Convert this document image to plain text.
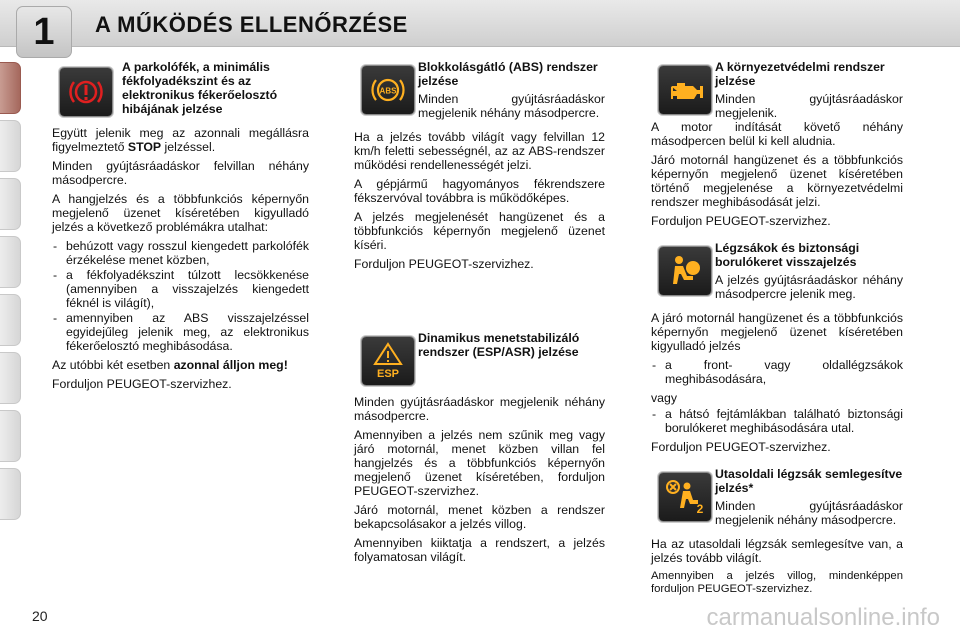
1	A MŰKÖDÉS ELLENŐRZÉSE
A parkolófék, a minimális fékfolyadékszint és az elektronikus fékerőelosztó hibájának jelzése

Együtt jelenik meg az azonnali megállásra figyelmeztető STOP jelzéssel.

Minden gyújtásráadáskor felvillan néhány másodpercre.

A hangjelzés és a többfunkciós képernyőn megjelenő üzenet kíséretében kigyulladó jelzés a következő problémákra utalhat:

- behúzott vagy rosszul kiengedett parkolófék érzékelése menet közben,
- a fékfolyadékszint túlzott lecsökkenése (amennyiben a visszajelzés kiengedett féknél is világít),
- amennyiben az ABS visszajelzéssel egyidejűleg jelenik meg, az elektronikus fékerőelosztó meghibásodása.

Az utóbbi két esetben azonnal álljon meg!

Forduljon PEUGEOT-szervizhez.

ABS
Blokkolásgátló (ABS) rendszer jelzése
Minden gyújtásráadáskor megjelenik néhány másodpercre.

Ha a jelzés tovább világít vagy felvillan 12 km/h feletti sebességnél, az az ABS-rendszer működési rendellenességét jelzi.

A gépjármű hagyományos fékrendszere fékszervóval továbbra is működőképes.

A jelzés megjelenését hangüzenet és a többfunkciós képernyőn megjelenő üzenet kíséri.

Forduljon PEUGEOT-szervizhez.

ESP
Dinamikus menetstabilizáló rendszer (ESP/ASR) jelzése

Minden gyújtásráadáskor megjelenik néhány másodpercre.

Amennyiben a jelzés nem szűnik meg vagy járó motornál, menet közben villan fel hangjelzés és a többfunkciós képernyőn megjelenő üzenet kíséretében, forduljon PEUGEOT-szervizhez.

Járó motornál, menet közben a rendszer bekapcsolásakor a jelzés villog.

Amennyiben kiiktatja a rendszert, a jelzés folyamatosan világít.

A környezetvédelmi rendszer jelzése
Minden gyújtásráadáskor megjelenik.

A motor indítását követő néhány másodpercen belül ki kell aludnia.

Járó motornál hangüzenet és a többfunkciós képernyőn megjelenő üzenet kíséretében történő megjelenése a környezetvédelmi rendszer meghibásodását jelzi.

Forduljon PEUGEOT-szervizhez.

Légzsákok és biztonsági borulókeret visszajelzés
A jelzés gyújtásráadáskor néhány másodpercre jelenik meg.

A járó motornál hangüzenet és a többfunkciós képernyőn megjelenő üzenet kíséretében kigyulladó jelzés

- a front- vagy oldallégzsákok meghibásodására,

vagy

- a hátsó fejtámlákban található biztonsági borulókeret meghibásodására utal.

Forduljon PEUGEOT-szervizhez.

2
Utasoldali légzsák semlegesítve jelzés*
Minden gyújtásráadáskor megjelenik néhány másodpercre.

Ha az utasoldali légzsák semlegesítve van, a jelzés tovább világít.

Amennyiben a jelzés villog, mindenképpen forduljon PEUGEOT-szervizhez.

20	carmanualsonline.info
